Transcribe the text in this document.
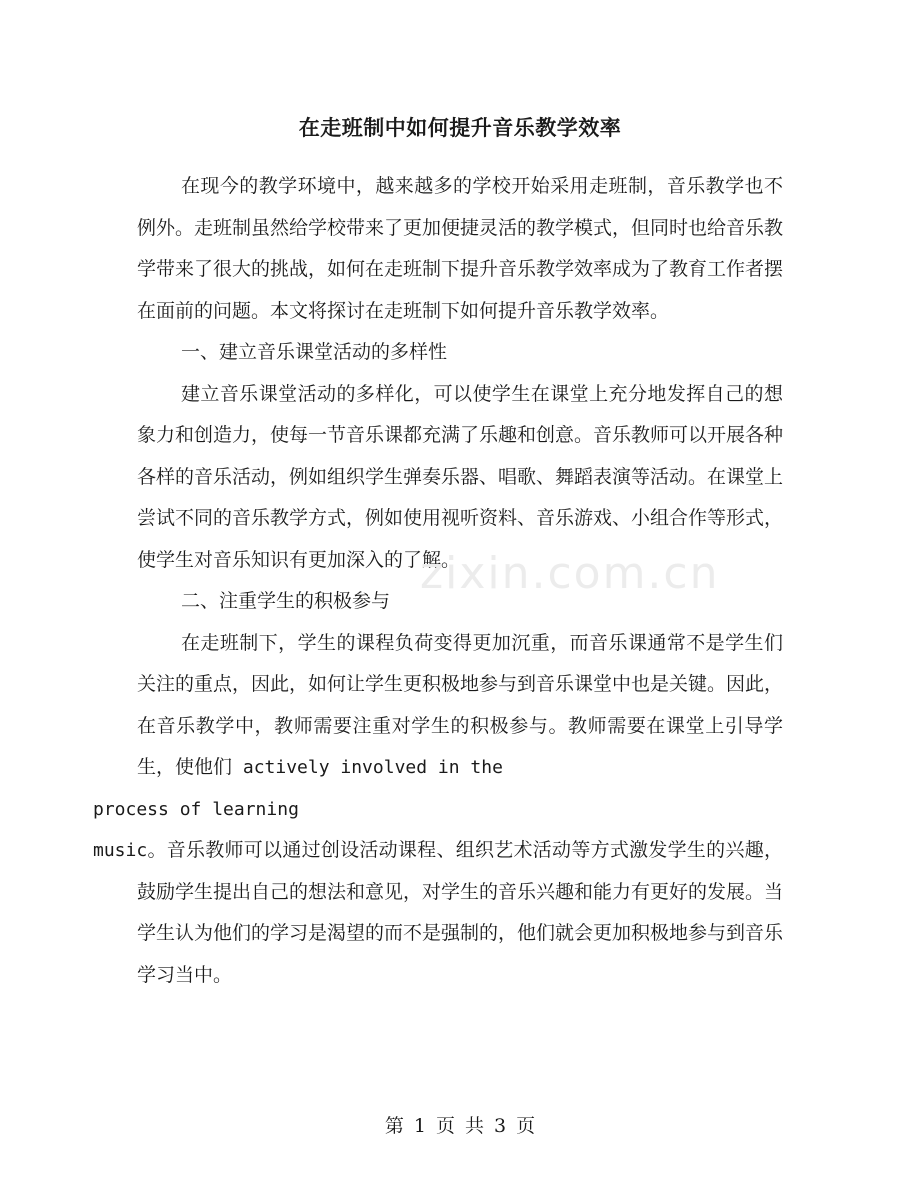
在走班制中如何提升音乐教学效率

在现今的教学环境中，越来越多的学校开始采用走班制，音乐教学也不例外。走班制虽然给学校带来了更加便捷灵活的教学模式，但同时也给音乐教学带来了很大的挑战，如何在走班制下提升音乐教学效率成为了教育工作者摆在面前的问题。本文将探讨在走班制下如何提升音乐教学效率。

一、建立音乐课堂活动的多样性

建立音乐课堂活动的多样化，可以使学生在课堂上充分地发挥自己的想象力和创造力，使每一节音乐课都充满了乐趣和创意。音乐教师可以开展各种各样的音乐活动，例如组织学生弹奏乐器、唱歌、舞蹈表演等活动。在课堂上尝试不同的音乐教学方式，例如使用视听资料、音乐游戏、小组合作等形式，使学生对音乐知识有更加深入的了解。

二、注重学生的积极参与

在走班制下，学生的课程负荷变得更加沉重，而音乐课通常不是学生们关注的重点，因此，如何让学生更积极地参与到音乐课堂中也是关键。因此，在音乐教学中，教师需要注重对学生的积极参与。教师需要在课堂上引导学生，使他们 actively involved in the
process of learning
music。音乐教师可以通过创设活动课程、组织艺术活动等方式激发学生的兴趣，鼓励学生提出自己的想法和意见，对学生的音乐兴趣和能力有更好的发展。当学生认为他们的学习是渴望的而不是强制的，他们就会更加积极地参与到音乐学习当中。

zixin.com.cn
第 1 页 共 3 页
